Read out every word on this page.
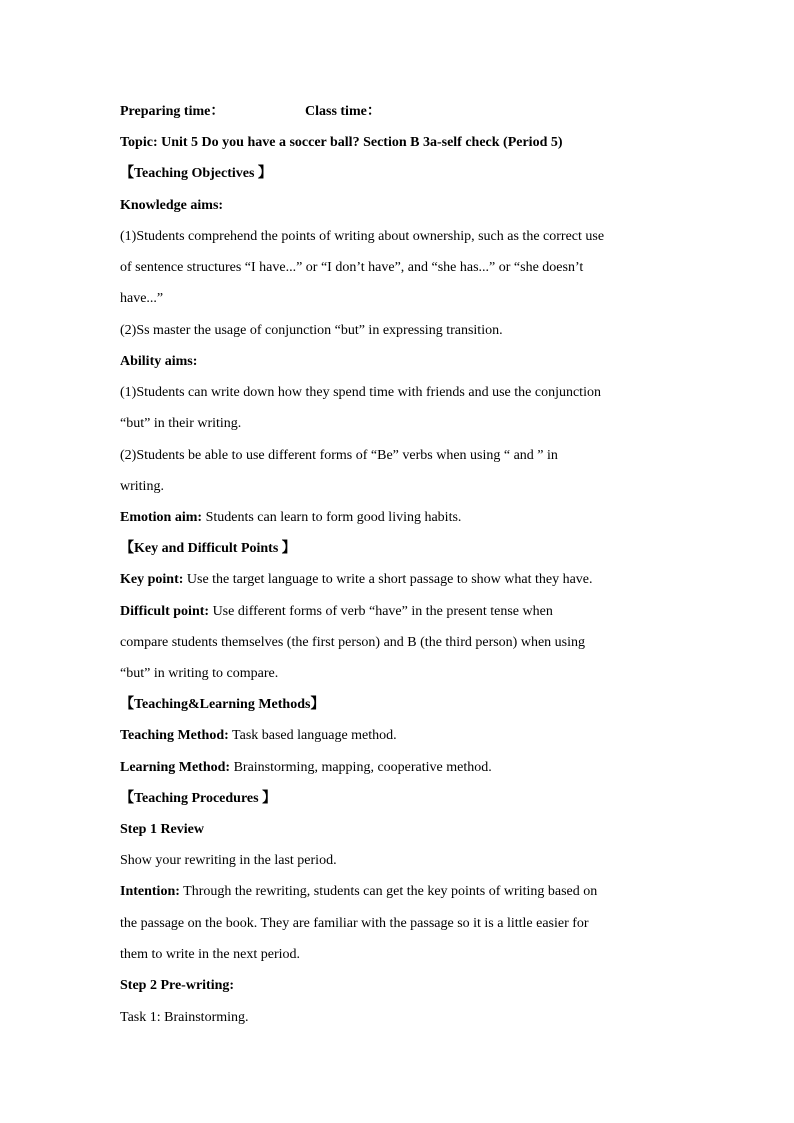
Preparing time：	Class time：
Topic: Unit 5 Do you have a soccer ball? Section B 3a-self check (Period 5)
【Teaching Objectives 】
Knowledge aims:
(1)Students comprehend the points of writing about ownership, such as the correct use
of sentence structures “I have...” or “I don’t have”, and “she has...” or “she doesn’t
have...”
(2)Ss master the usage of conjunction “but” in expressing transition.
Ability aims:
(1)Students can write down how they spend time with friends and use the conjunction
“but” in their writing.
(2)Students be able to use different forms of “Be” verbs when using “ and ” in
writing.
Emotion aim: Students can learn to form good living habits.
【Key and Difficult Points 】
Key point: Use the target language to write a short passage to show what they have.
Difficult point: Use different forms of verb “have” in the present tense when
compare students themselves (the first person) and B (the third person) when using
“but” in writing to compare.
【Teaching&Learning Methods】
Teaching Method: Task based language method.
Learning Method: Brainstorming, mapping, cooperative method.
【Teaching Procedures 】
Step 1 Review
Show your rewriting in the last period.
Intention: Through the rewriting, students can get the key points of writing based on
the passage on the book. They are familiar with the passage so it is a little easier for
them to write in the next period.
Step 2 Pre-writing:
Task 1: Brainstorming.
